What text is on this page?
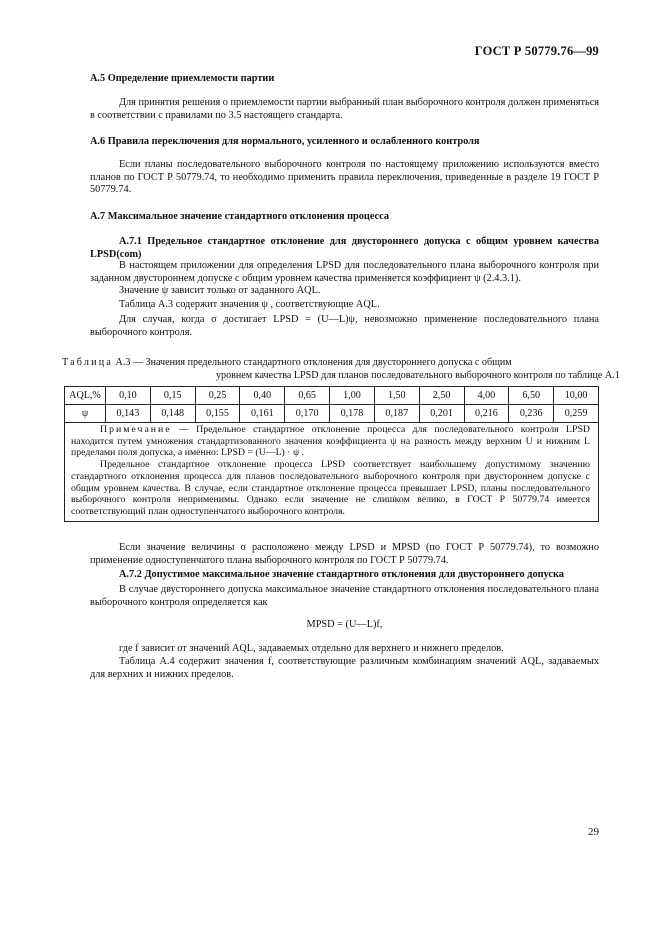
ГОСТ Р 50779.76—99

А.5 Определение приемлемости партии

Для принятия решения о приемлемости партии выбранный план выборочного контроля должен применяться в соответствии с правилами по 3.5 настоящего стандарта.

А.6 Правила переключения для нормального, усиленного и ослабленного контроля

Если планы последовательного выборочного контроля по настоящему приложению используются вместо планов по ГОСТ Р 50779.74, то необходимо применить правила переключения, приведенные в разделе 19 ГОСТ Р 50779.74.

А.7 Максимальное значение стандартного отклонения процесса

А.7.1 Предельное стандартное отклонение для двустороннего допуска с общим уровнем качества LPSD(com)

В настоящем приложении для определения LPSD для последовательного плана выборочного контроля при заданном двустороннем допуске с общим уровнем качества применяется коэффициент ψ (2.4.3.1).

Значение ψ зависит только от заданного AQL.

Таблица А.3 содержит значения ψ , соответствующие AQL.

Для случая, когда σ достигает LPSD = (U—L)ψ, невозможно применение последовательного плана выборочного контроля.

Таблица А.3 — Значения предельного стандартного отклонения для двустороннего допуска с общим
уровнем качества LPSD для планов последовательного выборочного контроля по таблице А.1
AQL,%	0,10	0,15	0,25	0,40	0,65	1,00	1,50	2,50	4,00	6,50	10,00
ψ	0,143	0,148	0,155	0,161	0,170	0,178	0,187	0,201	0,216	0,236	0,259

Примечание — Предельное стандартное отклонение процесса для последовательного контроля LPSD находится путем умножения стандартизованного значения коэффициента ψ на разность между верхним U и нижним L пределами поля допуска, а именно: LPSD = (U—L) · ψ .

Предельное стандартное отклонение процесса LPSD соответствует наибольшему допустимому значению стандартного отклонения процесса для планов последовательного выборочного контроля при двустороннем допуске с общим уровнем качества. В случае, если стандартное отклонение процесса превышает LPSD, планы последовательного выборочного контроля неприменимы. Однако если значение не слишком велико, в ГОСТ Р 50779.74 имеется соответствующий план одноступенчатого выборочного контроля.

Если значение величины σ расположено между LPSD и MPSD (по ГОСТ Р 50779.74), то возможно применение одноступенчатого плана выборочного контроля по ГОСТ Р 50779.74.

А.7.2 Допустимое максимальное значение стандартного отклонения для двустороннего допуска

В случае двустороннего допуска максимальное значение стандартного отклонения последовательного плана выборочного контроля определяется как

MPSD = (U—L)f,

где f зависит от значений AQL, задаваемых отдельно для верхнего и нижнего пределов.

Таблица А.4 содержит значения f, соответствующие различным комбинациям значений AQL, задаваемых для верхних и нижних пределов.

29
